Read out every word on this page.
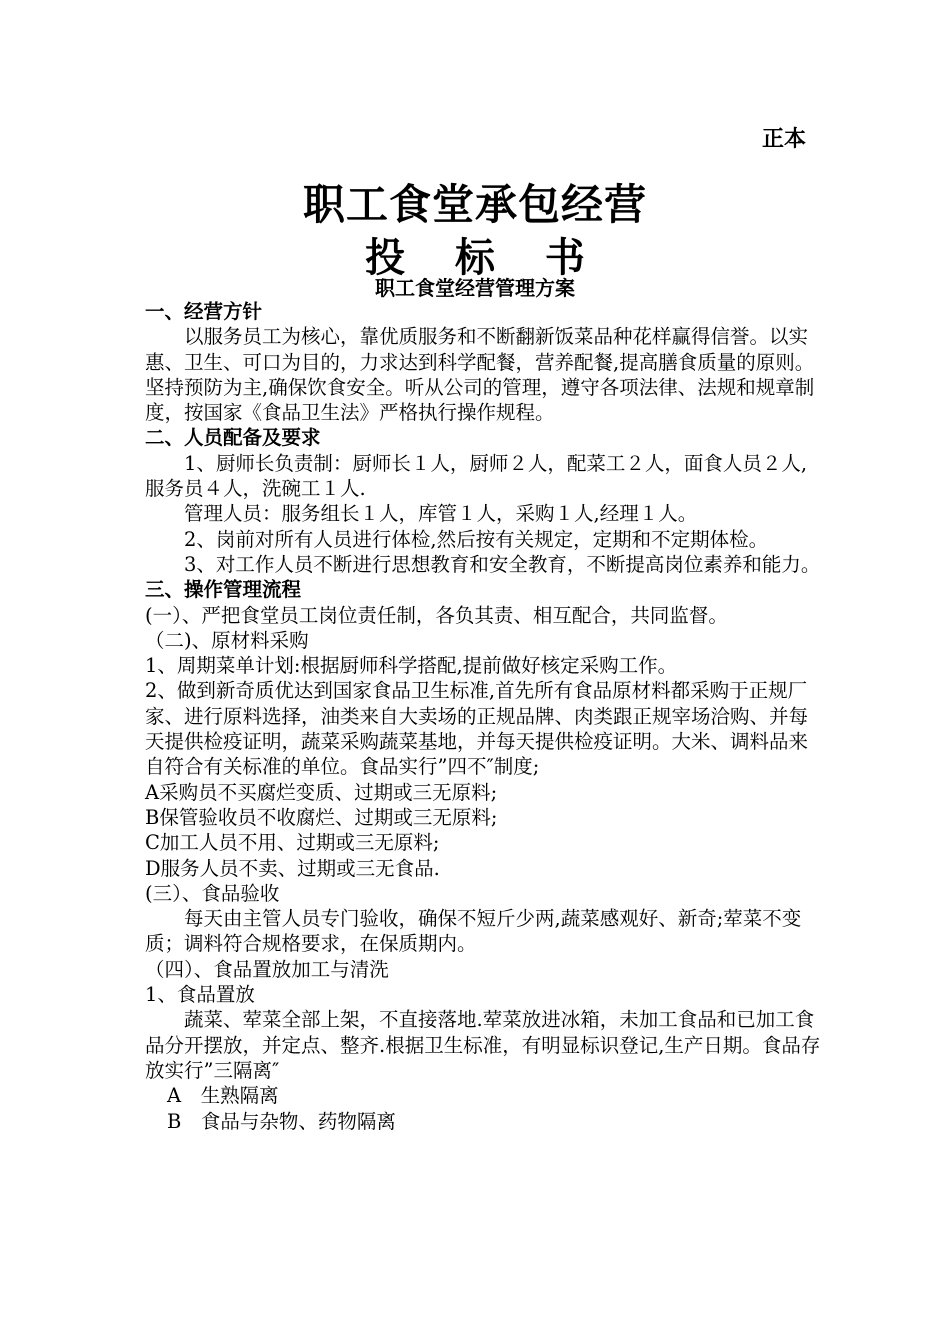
正本
职工食堂承包经营
投 标 书
职工食堂经营管理方案

一、经营方针

以服务员工为核心，靠优质服务和不断翻新饭菜品种花样赢得信誉。以实惠、卫生、可口为目的，力求达到科学配餐，营养配餐,提高膳食质量的原则。坚持预防为主,确保饮食安全。听从公司的管理，遵守各项法律、法规和规章制度，按国家《食品卫生法》严格执行操作规程。

二、人员配备及要求

1、厨师长负责制：厨师长１人，厨师２人，配菜工２人，面食人员２人,服务员４人，洗碗工１人.

管理人员：服务组长１人，库管１人，采购１人,经理１人。

2、岗前对所有人员进行体检,然后按有关规定，定期和不定期体检。

3、对工作人员不断进行思想教育和安全教育，不断提高岗位素养和能力。

三、操作管理流程

(一）、严把食堂员工岗位责任制，各负其责、相互配合，共同监督。

（二)、原材料采购

1、周期菜单计划:根据厨师科学搭配,提前做好核定采购工作。

2、做到新奇质优达到国家食品卫生标准,首先所有食品原材料都采购于正规厂家、进行原料选择，油类来自大卖场的正规品牌、肉类跟正规宰场洽购、并每天提供检疫证明，蔬菜采购蔬菜基地，并每天提供检疫证明。大米、调料品来自符合有关标准的单位。食品实行”四不″制度;

A采购员不买腐烂变质、过期或三无原料;

B保管验收员不收腐烂、过期或三无原料;

C加工人员不用、过期或三无原料;

D服务人员不卖、过期或三无食品.

(三）、食品验收

每天由主管人员专门验收，确保不短斤少两,蔬菜感观好、新奇;荤菜不变质；调料符合规格要求，在保质期内。

（四）、食品置放加工与清洗

1、食品置放

蔬菜、荤菜全部上架，不直接落地.荤菜放进冰箱，未加工食品和已加工食品分开摆放，并定点、整齐.根据卫生标准，有明显标识登记,生产日期。食品存放实行”三隔离″

A　生熟隔离

B　食品与杂物、药物隔离
